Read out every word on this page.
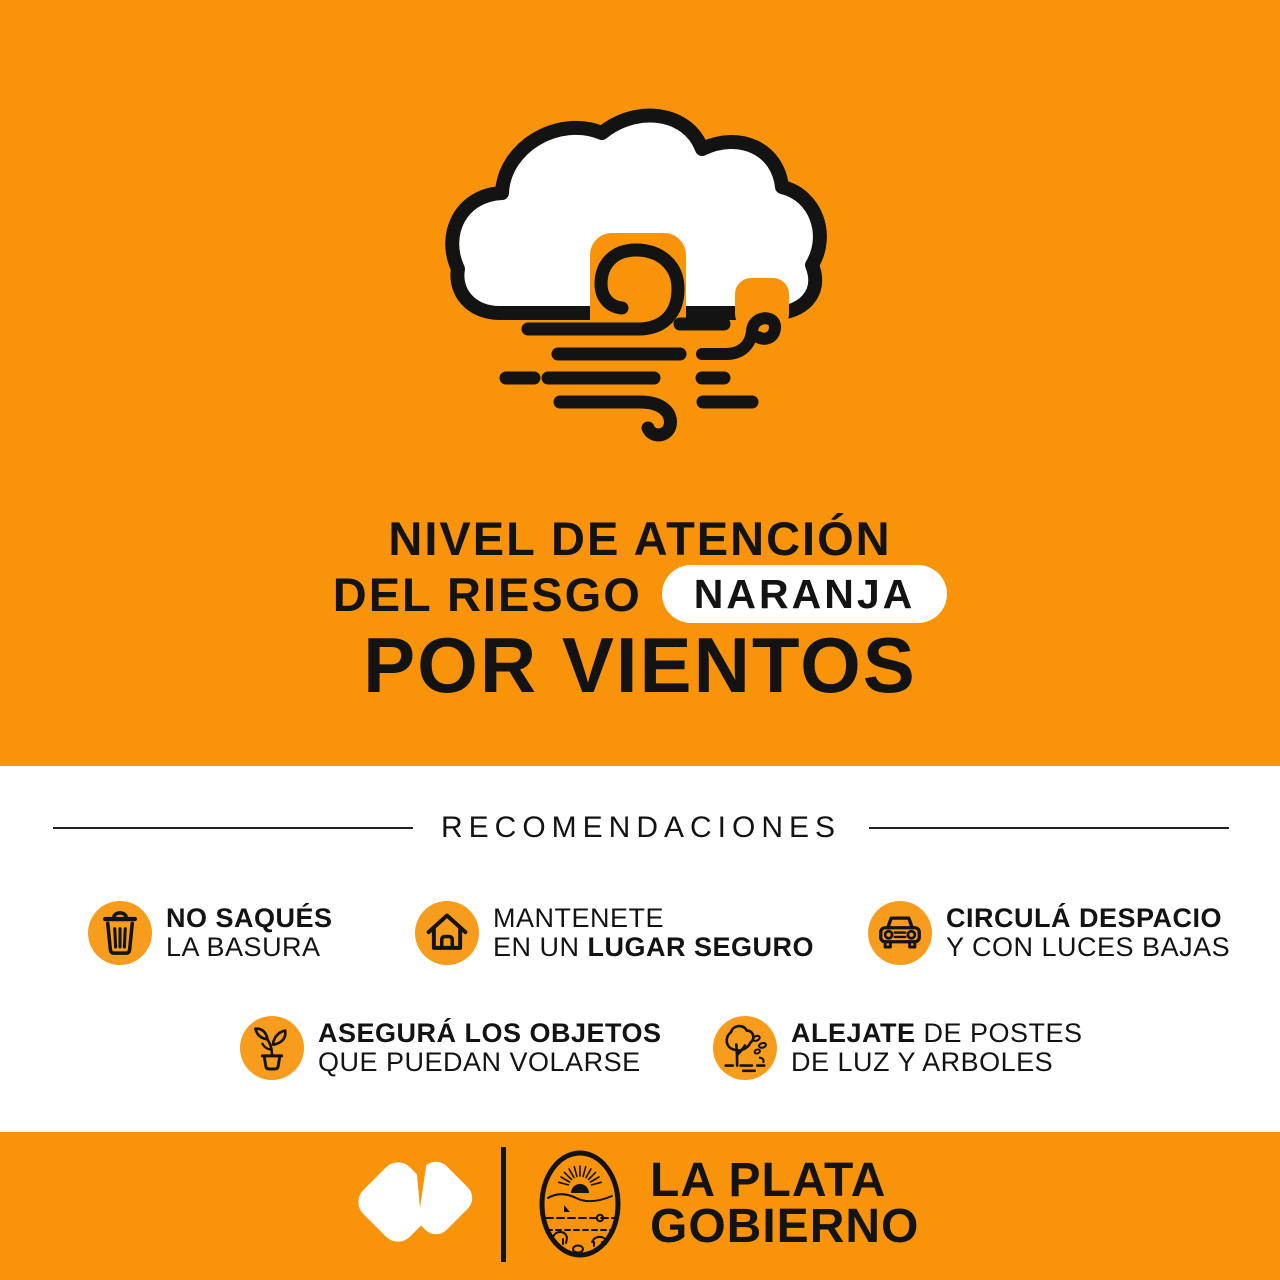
NIVEL DE ATENCIÓN
DEL RIESGO	NARANJA
POR VIENTOS
RECOMENDACIONES
NO SAQUÉS
LA BASURA
MANTENETE
EN UN LUGAR SEGURO
CIRCULÁ DESPACIO
Y CON LUCES BAJAS
ASEGURÁ LOS OBJETOS
QUE PUEDAN VOLARSE
ALEJATE DE POSTES
DE LUZ Y ARBOLES
LA PLATA
GOBIERNO
